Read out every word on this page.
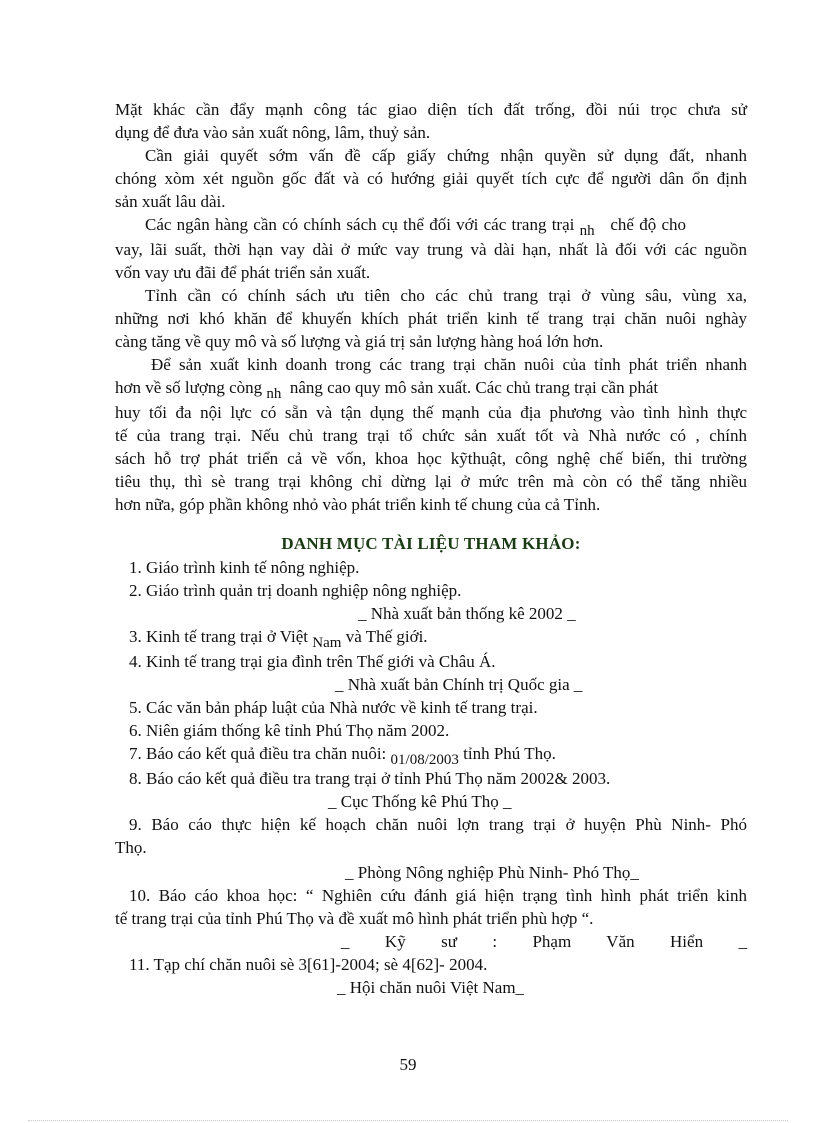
Mặt khác cần đẩy mạnh công tác giao diện tích đất trống, đồi núi trọc chưa sử
dụng để đưa vào sản xuất nông, lâm, thuỷ sản.

Cần giải quyết sớm vấn đề cấp giấy chứng nhận quyền sử dụng đất, nhanh
chóng xòm xét nguồn gốc đất và có hướng giải quyết tích cực để người dân ổn định
sản xuất lâu dài.

Các ngân hàng cần có chính sách cụ thể đối với các trang trại nh chế độ cho
vay, lãi suất, thời hạn vay dài ở mức vay trung và dài hạn, nhất là đối với các nguồn
vốn vay ưu đãi để phát triển sản xuất.

Tỉnh cần có chính sách ưu tiên cho các chủ trang trại ở vùng sâu, vùng xa,
những nơi khó khăn để khuyến khích phát triển kinh tế trang trại chăn nuôi nghày
càng tăng về quy mô và số lượng và giá trị sản lượng hàng hoá lớn hơn.

Để sản xuất kinh doanh trong các trang trại chăn nuôi của tỉnh phát triển nhanh
hơn về số lượng còng nh nâng cao quy mô sản xuất. Các chủ trang trại cần phát
huy tối đa nội lực có sẵn và tận dụng thế mạnh của địa phương vào tình hình thực
tế của trang trại. Nếu chủ trang trại tổ chức sản xuất tốt và Nhà nước có , chính
sách hỗ trợ phát triển cả về vốn, khoa học kỹthuật, công nghệ chế biến, thi trường
tiêu thụ, thì sè trang trại không chỉ dừng lại ở mức trên mà còn có thể tăng nhiều
hơn nữa, góp phần không nhỏ vào phát triển kinh tế chung của cả Tỉnh.

DANH MỤC TÀI LIỆU THAM KHẢO:
1. Giáo trình kinh tế nông nghiệp.
2. Giáo trình quản trị doanh nghiệp nông nghiệp.
_ Nhà xuất bản thống kê 2002 _
3. Kinh tế trang trại ở Việt Nam và Thế giới.
4. Kinh tế trang trại gia đình trên Thế giới và Châu Á.
_ Nhà xuất bản Chính trị Quốc gia _
5. Các văn bản pháp luật của Nhà nước về kinh tế trang trại.
6. Niên giám thống kê tỉnh Phú Thọ năm 2002.
7. Báo cáo kết quả điều tra chăn nuôi: 01/08/2003 tỉnh Phú Thọ.
8. Báo cáo kết quả điều tra trang trại ở tỉnh Phú Thọ năm 2002& 2003.
_ Cục Thống kê Phú Thọ _
9. Báo cáo thực hiện kế hoạch chăn nuôi lợn trang trại ở huyện Phù Ninh- Phó
Thọ.
_ Phòng Nông nghiệp Phù Ninh- Phó Thọ_
10. Báo cáo khoa học: “ Nghiên cứu đánh giá hiện trạng tình hình phát triển kinh
tế trang trại của tỉnh Phú Thọ và đề xuất mô hình phát triển phù hợp “.
_ Kỹ sư : Phạm Văn Hiển _
11. Tạp chí chăn nuôi sè 3[61]-2004; sè 4[62]- 2004.
_ Hội chăn nuôi Việt Nam_
59
